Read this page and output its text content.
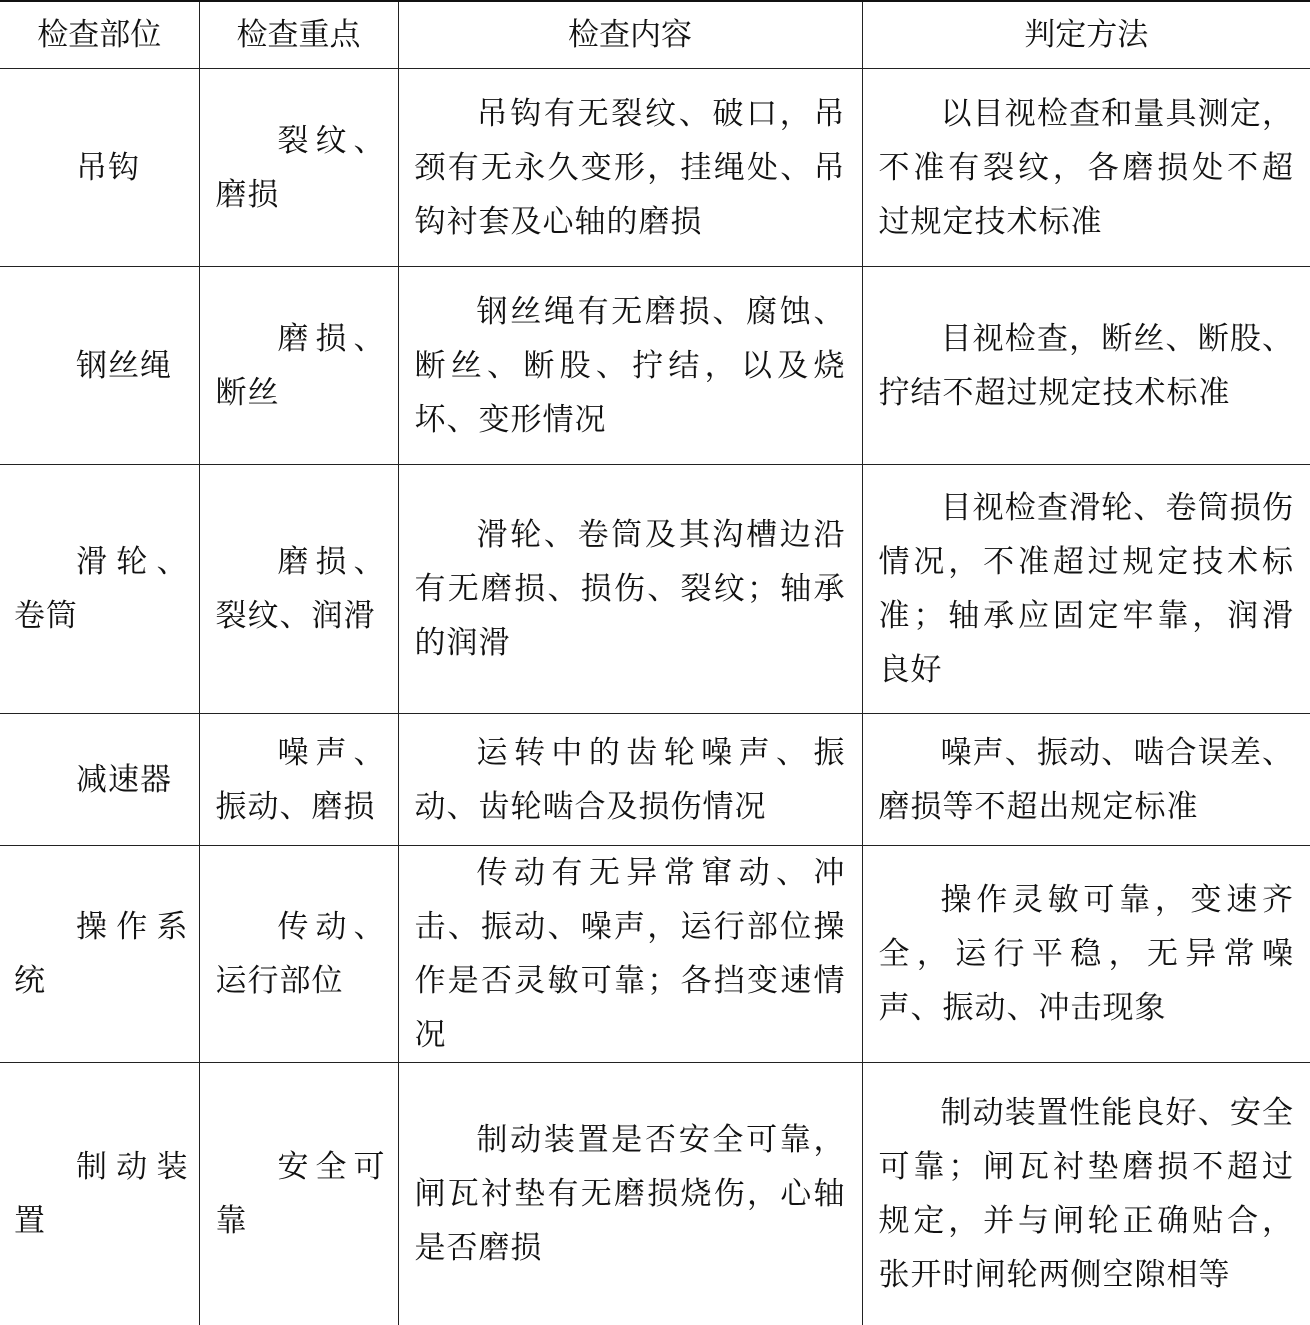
检查部位	检查重点	检查内容	判定方法
吊钩	裂纹、磨损	吊钩有无裂纹、破口，吊颈有无永久变形，挂绳处、吊钩衬套及心轴的磨损	以目视检查和量具测定，不准有裂纹，各磨损处不超过规定技术标准
钢丝绳	磨损、断丝	钢丝绳有无磨损、腐蚀、断丝、断股、拧结，以及烧坏、变形情况	目视检查，断丝、断股、拧结不超过规定技术标准
滑轮、卷筒	磨损、裂纹、润滑	滑轮、卷筒及其沟槽边沿有无磨损、损伤、裂纹；轴承的润滑	目视检查滑轮、卷筒损伤情况，不准超过规定技术标准；轴承应固定牢靠，润滑良好
减速器	噪声、振动、磨损	运转中的齿轮噪声、振动、齿轮啮合及损伤情况	噪声、振动、啮合误差、磨损等不超出规定标准
操作系统	传动、运行部位	传动有无异常窜动、冲击、振动、噪声，运行部位操作是否灵敏可靠；各挡变速情况	操作灵敏可靠，变速齐全，运行平稳，无异常噪声、振动、冲击现象
制动装置	安全可靠	制动装置是否安全可靠，闸瓦衬垫有无磨损烧伤，心轴是否磨损	制动装置性能良好、安全可靠；闸瓦衬垫磨损不超过规定，并与闸轮正确贴合，张开时闸轮两侧空隙相等
